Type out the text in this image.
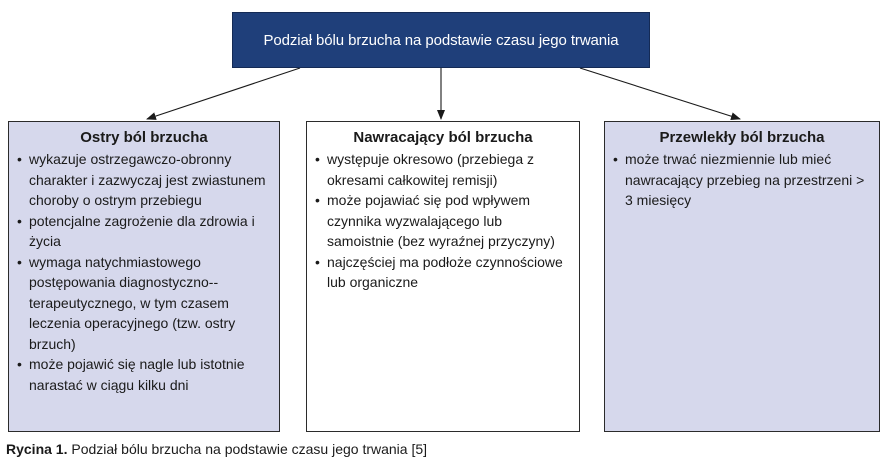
Podział bólu brzucha na podstawie czasu jego trwania
Ostry ból brzucha
• wykazuje ostrzegawczo-obronny charakter i zazwyczaj jest zwiastunem choroby o ostrym przebiegu
• potencjalne zagrożenie dla zdrowia i życia
• wymaga natychmiastowego postępowania diagnostyczno--terapeutycznego, w tym czasem leczenia operacyjnego (tzw. ostry brzuch)
• może pojawić się nagle lub istotnie narastać w ciągu kilku dni
Nawracający ból brzucha
• występuje okresowo (przebiega z okresami całkowitej remisji)
• może pojawiać się pod wpływem czynnika wyzwalającego lub samoistnie (bez wyraźnej przyczyny)
• najczęściej ma podłoże czynnościowe lub organiczne
Przewlekły ból brzucha
• może trwać niezmiennie lub mieć nawracający przebieg na przestrzeni > 3 miesięcy
Rycina 1. Podział bólu brzucha na podstawie czasu jego trwania [5]
